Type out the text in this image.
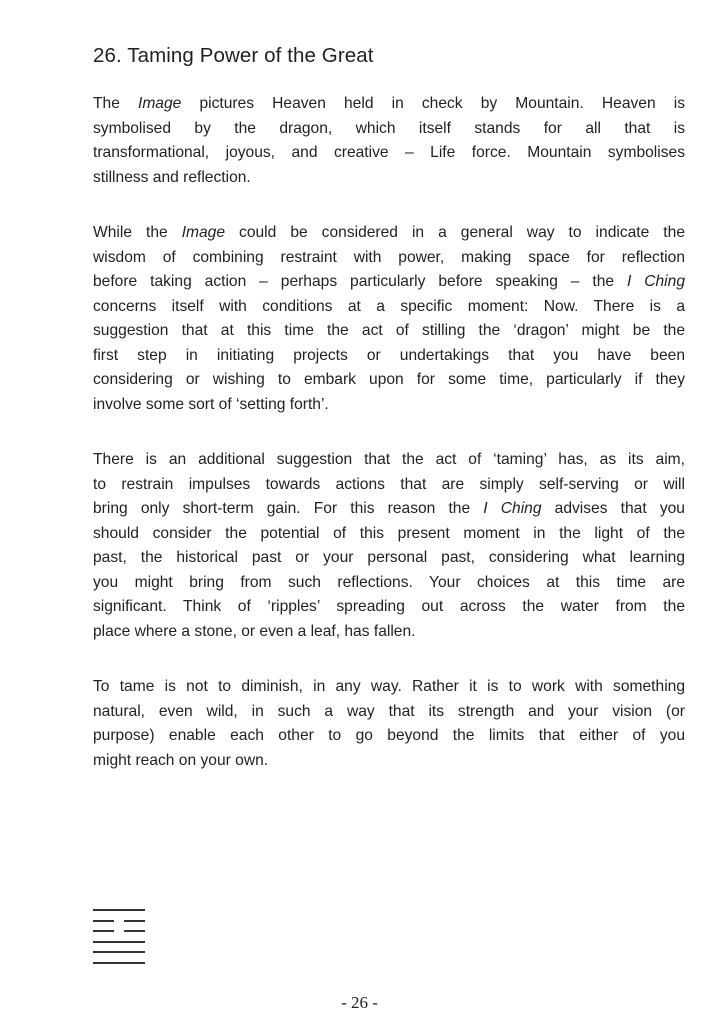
26. Taming Power of the Great
The Image pictures Heaven held in check by Mountain. Heaven is
symbolised by the dragon, which itself stands for all that is
transformational, joyous, and creative – Life force. Mountain symbolises
stillness and reflection.
While the Image could be considered in a general way to indicate the
wisdom of combining restraint with power, making space for reflection
before taking action – perhaps particularly before speaking – the I Ching
concerns itself with conditions at a specific moment: Now. There is a
suggestion that at this time the act of stilling the ‘dragon’ might be the
first step in initiating projects or undertakings that you have been
considering or wishing to embark upon for some time, particularly if they
involve some sort of ‘setting forth’.
There is an additional suggestion that the act of ‘taming’ has, as its aim,
to restrain impulses towards actions that are simply self-serving or will
bring only short-term gain. For this reason the I Ching advises that you
should consider the potential of this present moment in the light of the
past, the historical past or your personal past, considering what learning
you might bring from such reflections. Your choices at this time are
significant. Think of ‘ripples’ spreading out across the water from the
place where a stone, or even a leaf, has fallen.
To tame is not to diminish, in any way. Rather it is to work with something
natural, even wild, in such a way that its strength and your vision (or
purpose) enable each other to go beyond the limits that either of you
might reach on your own.
- 26 -
